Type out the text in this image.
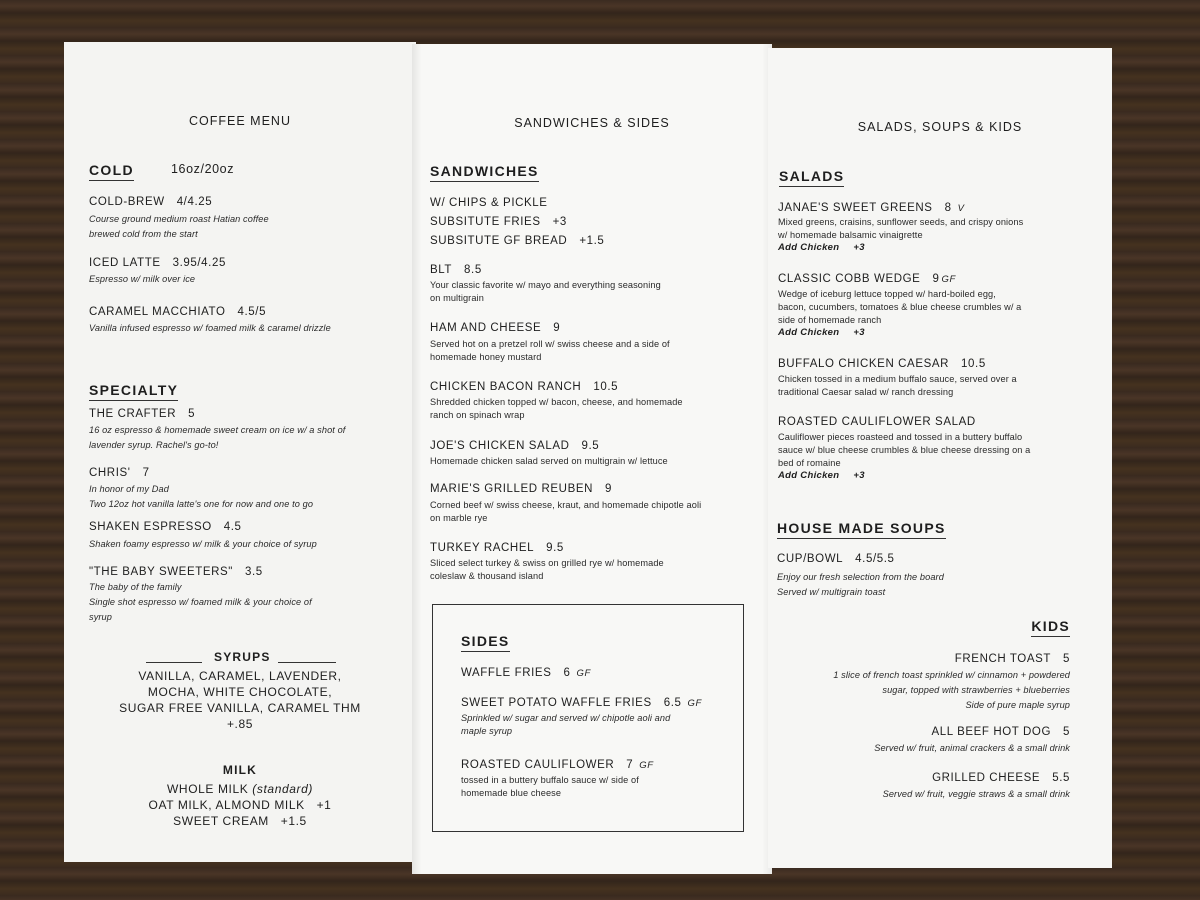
COFFEE MENU
COLD	16oz/20oz
COLD-BREW 4/4.25
Course ground medium roast Hatian coffee
brewed cold from the start
ICED LATTE 3.95/4.25
Espresso w/ milk over ice
CARAMEL MACCHIATO 4.5/5
Vanilla infused espresso w/ foamed milk & caramel drizzle
SPECIALTY
THE CRAFTER 5
16 oz espresso & homemade sweet cream on ice w/ a shot of
lavender syrup. Rachel's go-to!
CHRIS' 7
In honor of my Dad
Two 12oz hot vanilla latte's one for now and one to go
SHAKEN ESPRESSO 4.5
Shaken foamy espresso w/ milk & your choice of syrup
"THE BABY SWEETERS" 3.5
The baby of the family
Single shot espresso w/ foamed milk & your choice of
syrup
SYRUPS
VANILLA, CARAMEL, LAVENDER,
MOCHA, WHITE CHOCOLATE,
SUGAR FREE VANILLA, CARAMEL THM
+.85
MILK
WHOLE MILK (standard)
OAT MILK, ALMOND MILK +1
SWEET CREAM +1.5
SANDWICHES & SIDES
SANDWICHES
W/ CHIPS & PICKLE
SUBSITUTE FRIES +3
SUBSITUTE GF BREAD +1.5
BLT 8.5
Your classic favorite w/ mayo and everything seasoning
on multigrain
HAM AND CHEESE 9
Served hot on a pretzel roll w/ swiss cheese and a side of
homemade honey mustard
CHICKEN BACON RANCH 10.5
Shredded chicken topped w/ bacon, cheese, and homemade
ranch on spinach wrap
JOE'S CHICKEN SALAD 9.5
Homemade chicken salad served on multigrain w/ lettuce
MARIE'S GRILLED REUBEN 9
Corned beef w/ swiss cheese, kraut, and homemade chipotle aoli
on marble rye
TURKEY RACHEL 9.5
Sliced select turkey & swiss on grilled rye w/ homemade
coleslaw & thousand island
SIDES
WAFFLE FRIES 6 GF
SWEET POTATO WAFFLE FRIES 6.5 GF
Sprinkled w/ sugar and served w/ chipotle aoli and
maple syrup
ROASTED CAULIFLOWER 7 GF
tossed in a buttery buffalo sauce w/ side of
homemade blue cheese
SALADS, SOUPS & KIDS
SALADS
JANAE'S SWEET GREENS 8 V
Mixed greens, craisins, sunflower seeds, and crispy onions
w/ homemade balsamic vinaigrette
Add Chicken +3
CLASSIC COBB WEDGE 9 GF
Wedge of iceburg lettuce topped w/ hard-boiled egg,
bacon, cucumbers, tomatoes & blue cheese crumbles w/ a
side of homemade ranch
Add Chicken +3
BUFFALO CHICKEN CAESAR 10.5
Chicken tossed in a medium buffalo sauce, served over a
traditional Caesar salad w/ ranch dressing
ROASTED CAULIFLOWER SALAD
Cauliflower pieces roasteed and tossed in a buttery buffalo
sauce w/ blue cheese crumbles & blue cheese dressing on a
bed of romaine
Add Chicken +3
HOUSE MADE SOUPS
CUP/BOWL 4.5/5.5
Enjoy our fresh selection from the board
Served w/ multigrain toast
KIDS
FRENCH TOAST 5
1 slice of french toast sprinkled w/ cinnamon + powdered
sugar, topped with strawberries + blueberries
Side of pure maple syrup
ALL BEEF HOT DOG 5
Served w/ fruit, animal crackers & a small drink
GRILLED CHEESE 5.5
Served w/ fruit, veggie straws & a small drink
